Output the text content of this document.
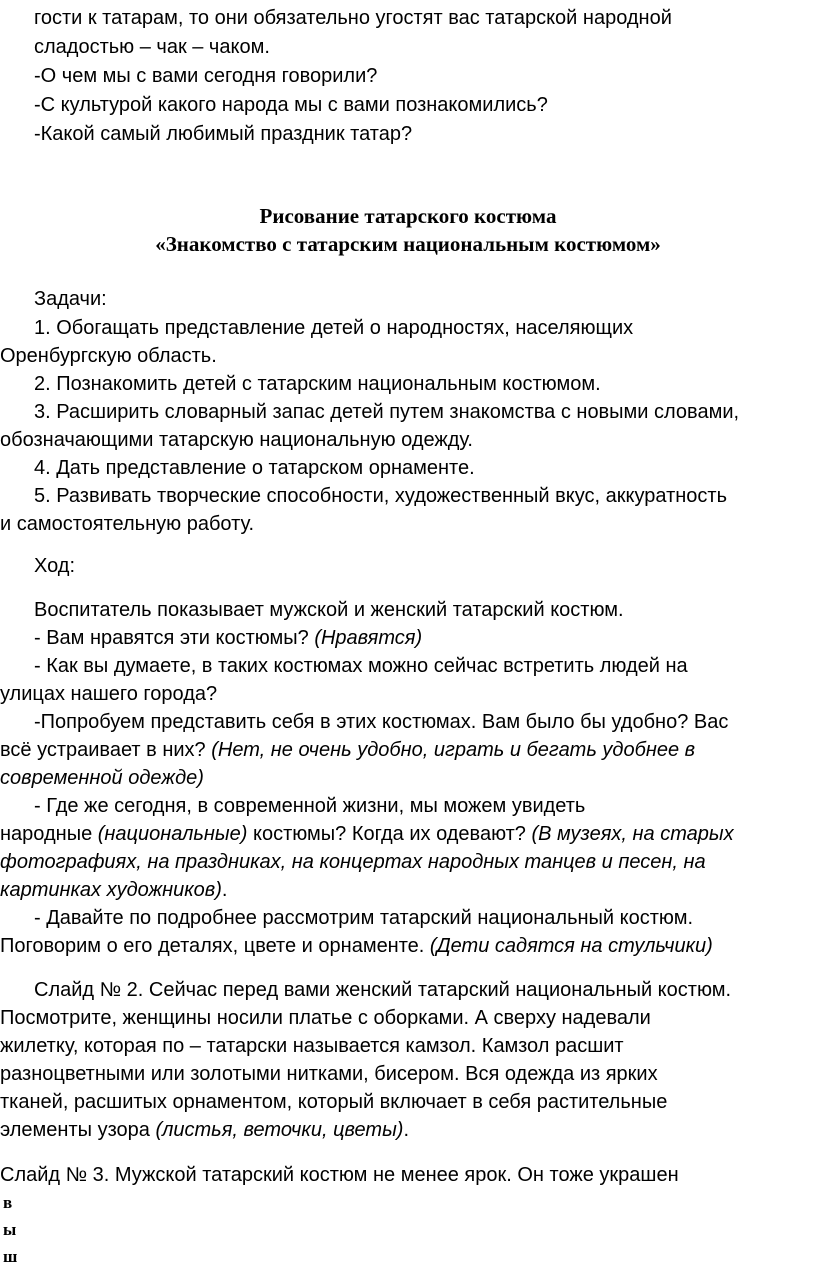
гости к татарам, то они обязательно угостят вас татарской народной
сладостью – чак – чаком.
-О чем мы с вами сегодня говорили?
-С культурой какого народа мы с вами познакомились?
-Какой самый любимый праздник татар?
Рисование татарского костюма
«Знакомство с татарским национальным костюмом»
Задачи:
1. Обогащать представление детей о народностях, населяющих
Оренбургскую область.
2. Познакомить детей с татарским национальным костюмом.
3. Расширить словарный запас детей путем знакомства с новыми словами,
обозначающими татарскую национальную одежду.
4. Дать представление о татарском орнаменте.
5. Развивать творческие способности, художественный вкус, аккуратность
и самостоятельную работу.
Ход:
Воспитатель показывает мужской и женский татарский костюм.
- Вам нравятся эти костюмы? (Нравятся)
- Как вы думаете, в таких костюмах можно сейчас встретить людей на
улицах нашего города?
-Попробуем представить себя в этих костюмах. Вам было бы удобно? Вас
всё устраивает в них? (Нет, не очень удобно, играть и бегать удобнее в
современной одежде)
- Где же сегодня, в современной жизни, мы можем увидеть
народные (национальные) костюмы? Когда их одевают? (В музеях, на старых
фотографиях, на праздниках, на концертах народных танцев и песен, на
картинках художников).
- Давайте по подробнее рассмотрим татарский национальный костюм.
Поговорим о его деталях, цвете и орнаменте. (Дети садятся на стульчики)
Слайд № 2. Сейчас перед вами женский татарский национальный костюм.
Посмотрите, женщины носили платье с оборками. А сверху надевали
жилетку, которая по – татарски называется камзол. Камзол расшит
разноцветными или золотыми нитками, бисером. Вся одежда из ярких
тканей, расшитых орнаментом, который включает в себя растительные
элементы узора (листья, веточки, цветы).
Слайд № 3. Мужской татарский костюм не менее ярок. Он тоже украшен
в
ы
ш
